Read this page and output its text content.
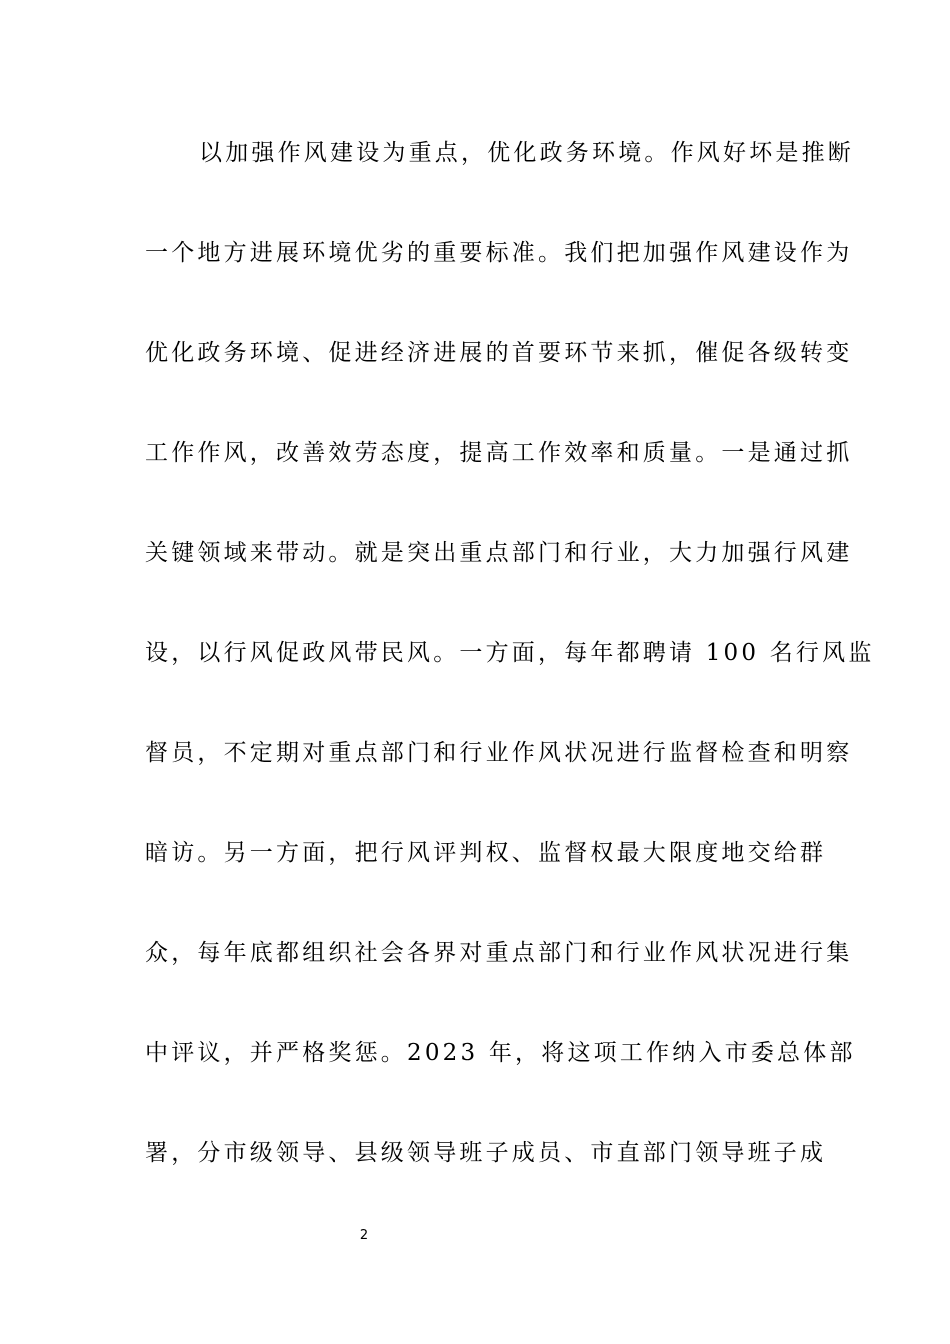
以加强作风建设为重点，优化政务环境。作风好坏是推断
一个地方进展环境优劣的重要标准。我们把加强作风建设作为
优化政务环境、促进经济进展的首要环节来抓，催促各级转变
工作作风，改善效劳态度，提高工作效率和质量。一是通过抓
关键领域来带动。就是突出重点部门和行业，大力加强行风建
设，以行风促政风带民风。一方面，每年都聘请 100 名行风监
督员，不定期对重点部门和行业作风状况进行监督检查和明察
暗访。另一方面，把行风评判权、监督权最大限度地交给群
众，每年底都组织社会各界对重点部门和行业作风状况进行集
中评议，并严格奖惩。2023 年，将这项工作纳入市委总体部
署，分市级领导、县级领导班子成员、市直部门领导班子成
2
